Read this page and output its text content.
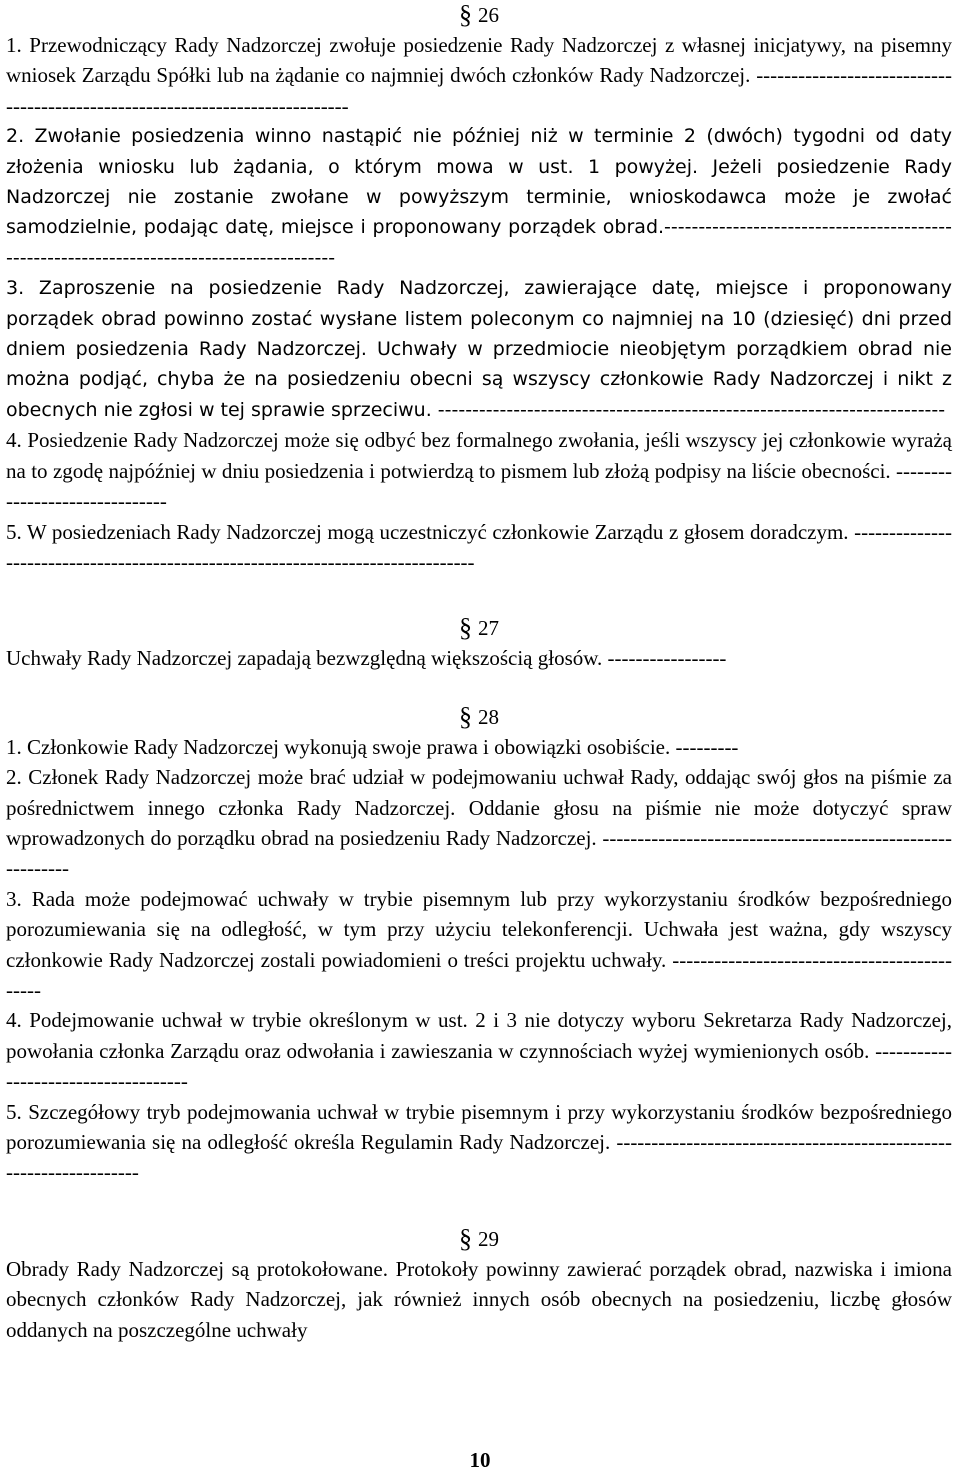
§ 26

1. Przewodniczący Rady Nadzorczej zwołuje posiedzenie Rady Nadzorczej z własnej inicjatywy, na pisemny wniosek Zarządu Spółki lub na żądanie co najmniej dwóch członków Rady Nadzorczej. -----------------------------------------------------------------------------

2. Zwołanie posiedzenia winno nastąpić nie później niż w terminie 2 (dwóch) tygodni od daty złożenia wniosku lub żądania, o którym mowa w ust. 1 powyżej. Jeżeli posiedzenie Rady Nadzorczej nie zostanie zwołane w powyższym terminie, wnioskodawca może je zwołać samodzielnie, podając datę, miejsce i proponowany porządek obrad.------------------------------------------------------------------------------------------

3. Zaproszenie na posiedzenie Rady Nadzorczej, zawierające datę, miejsce i proponowany porządek obrad powinno zostać wysłane listem poleconym co najmniej na 10 (dziesięć) dni przed dniem posiedzenia Rady Nadzorczej. Uchwały w przedmiocie nieobjętym porządkiem obrad nie można podjąć, chyba że na posiedzeniu obecni są wszyscy członkowie Rady Nadzorczej i nikt z obecnych nie zgłosi w tej sprawie sprzeciwu. --------------------------------------------------------------------------

4. Posiedzenie Rady Nadzorczej może się odbyć bez formalnego zwołania, jeśli wszyscy jej członkowie wyrażą na to zgodę najpóźniej w dniu posiedzenia i potwierdzą to pismem lub złożą podpisy na liście obecności. -------------------------------

5. W posiedzeniach Rady Nadzorczej mogą uczestniczyć członkowie Zarządu z głosem doradczym. ---------------------------------------------------------------------------------

§ 27

Uchwały Rady Nadzorczej zapadają bezwzględną większością głosów. -----------------

§ 28

1. Członkowie Rady Nadzorczej wykonują swoje prawa i obowiązki osobiście. ---------

2. Członek Rady Nadzorczej może brać udział w podejmowaniu uchwał Rady, oddając swój głos na piśmie za pośrednictwem innego członka Rady Nadzorczej. Oddanie głosu na piśmie nie może dotyczyć spraw wprowadzonych do porządku obrad na posiedzeniu Rady Nadzorczej. -----------------------------------------------------------

3. Rada może podejmować uchwały w trybie pisemnym lub przy wykorzystaniu środków bezpośredniego porozumiewania się na odległość, w tym przy użyciu telekonferencji. Uchwała jest ważna, gdy wszyscy członkowie Rady Nadzorczej zostali powiadomieni o treści projektu uchwały. ---------------------------------------------

4. Podejmowanie uchwał w trybie określonym w ust. 2 i 3 nie dotyczy wyboru Sekretarza Rady Nadzorczej, powołania członka Zarządu oraz odwołania i zawieszania w czynnościach wyżej wymienionych osób. -------------------------------------

5. Szczegółowy tryb podejmowania uchwał w trybie pisemnym i przy wykorzystaniu środków bezpośredniego porozumiewania się na odległość określa Regulamin Rady Nadzorczej. -------------------------------------------------------------------

§ 29

Obrady Rady Nadzorczej są protokołowane. Protokoły powinny zawierać porządek obrad, nazwiska i imiona obecnych członków Rady Nadzorczej, jak również innych osób obecnych na posiedzeniu, liczbę głosów oddanych na poszczególne uchwały

10
